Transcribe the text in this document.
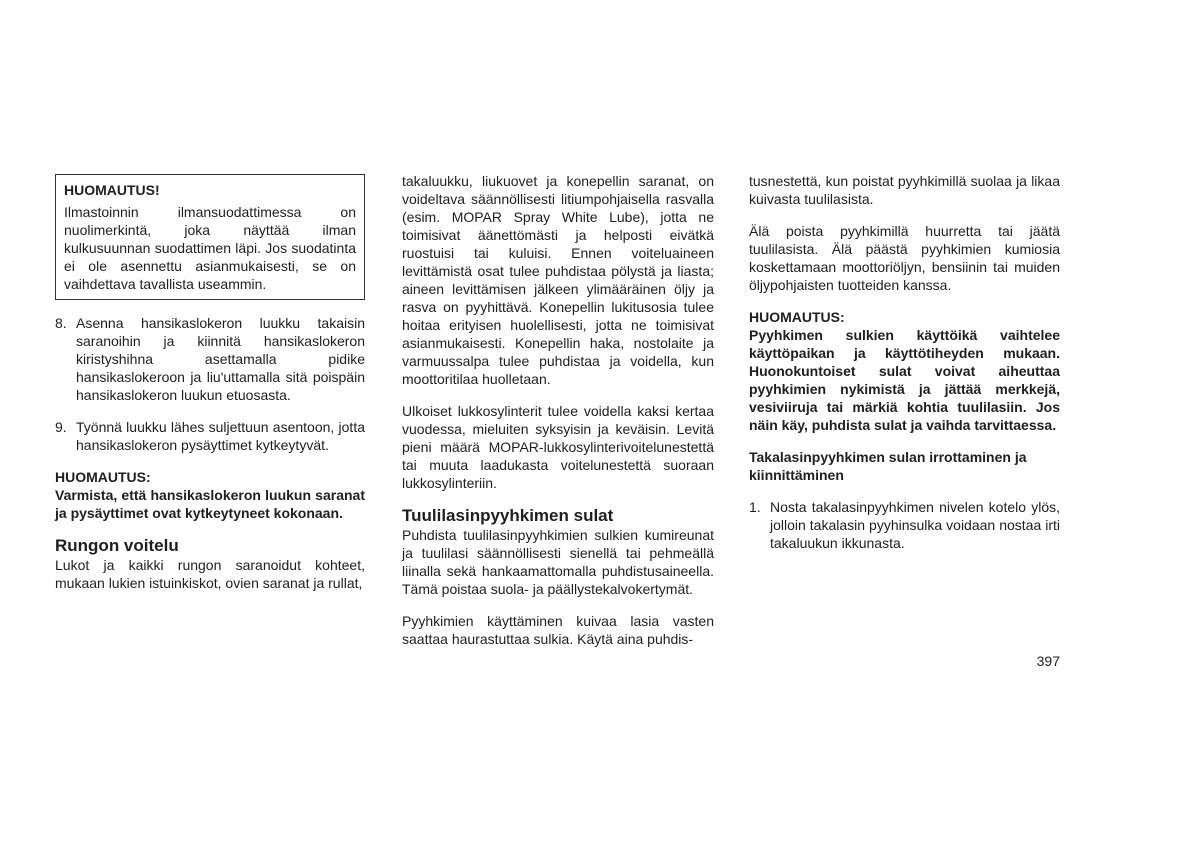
HUOMAUTUS!

Ilmastoinnin ilmansuodattimessa on nuolimerkintä, joka näyttää ilman kulkusuunnan suodattimen läpi. Jos suodatinta ei ole asennettu asianmukaisesti, se on vaihdettava tavallista useammin.

8. Asenna hansikaslokeron luukku takaisin saranoihin ja kiinnitä hansikaslokeron kiristyshihna asettamalla pidike hansikaslokeroon ja liu'uttamalla sitä poispäin hansikaslokeron luukun etuosasta.
9. Työnnä luukku lähes suljettuun asentoon, jotta hansikaslokeron pysäyttimet kytkeytyvät.
HUOMAUTUS:

Varmista, että hansikaslokeron luukun saranat ja pysäyttimet ovat kytkeytyneet kokonaan.

Rungon voitelu

Lukot ja kaikki rungon saranoidut kohteet, mukaan lukien istuinkiskot, ovien saranat ja rullat,

takaluukku, liukuovet ja konepellin saranat, on voideltava säännöllisesti litiumpohjaisella rasvalla (esim. MOPAR Spray White Lube), jotta ne toimisivat äänettömästi ja helposti eivätkä ruostuisi tai kuluisi. Ennen voiteluaineen levittämistä osat tulee puhdistaa pölystä ja liasta; aineen levittämisen jälkeen ylimääräinen öljy ja rasva on pyyhittävä. Konepellin lukitusosia tulee hoitaa erityisen huolellisesti, jotta ne toimisivat asianmukaisesti. Konepellin haka, nostolaite ja varmuussalpa tulee puhdistaa ja voidella, kun moottoritilaa huolletaan.

Ulkoiset lukkosylinterit tulee voidella kaksi kertaa vuodessa, mieluiten syksyisin ja keväisin. Levitä pieni määrä MOPAR-lukkosylinterivoitelunestettä tai muuta laadukasta voitelunestettä suoraan lukkosylinteriin.

Tuulilasinpyyhkimen sulat

Puhdista tuulilasinpyyhkimien sulkien kumireunat ja tuulilasi säännöllisesti sienellä tai pehmeällä liinalla sekä hankaamattomalla puhdistusaineella. Tämä poistaa suola- ja päällystekalvokertymät.

Pyyhkimien käyttäminen kuivaa lasia vasten saattaa haurastuttaa sulkia. Käytä aina puhdis-

tusnestettä, kun poistat pyyhkimillä suolaa ja likaa kuivasta tuulilasista.

Älä poista pyyhkimillä huurretta tai jäätä tuulilasista. Älä päästä pyyhkimien kumiosia koskettamaan moottoriöljyn, bensiinin tai muiden öljypohjaisten tuotteiden kanssa.

HUOMAUTUS:

Pyyhkimen sulkien käyttöikä vaihtelee käyttöpaikan ja käyttötiheyden mukaan. Huonokuntoiset sulat voivat aiheuttaa pyyhkimien nykimistä ja jättää merkkejä, vesiviiruja tai märkiä kohtia tuulilasiin. Jos näin käy, puhdista sulat ja vaihda tarvittaessa.

Takalasinpyyhkimen sulan irrottaminen ja kiinnittäminen
1. Nosta takalasinpyyhkimen nivelen kotelo ylös, jolloin takalasin pyyhinsulka voidaan nostaa irti takaluukun ikkunasta.
397
